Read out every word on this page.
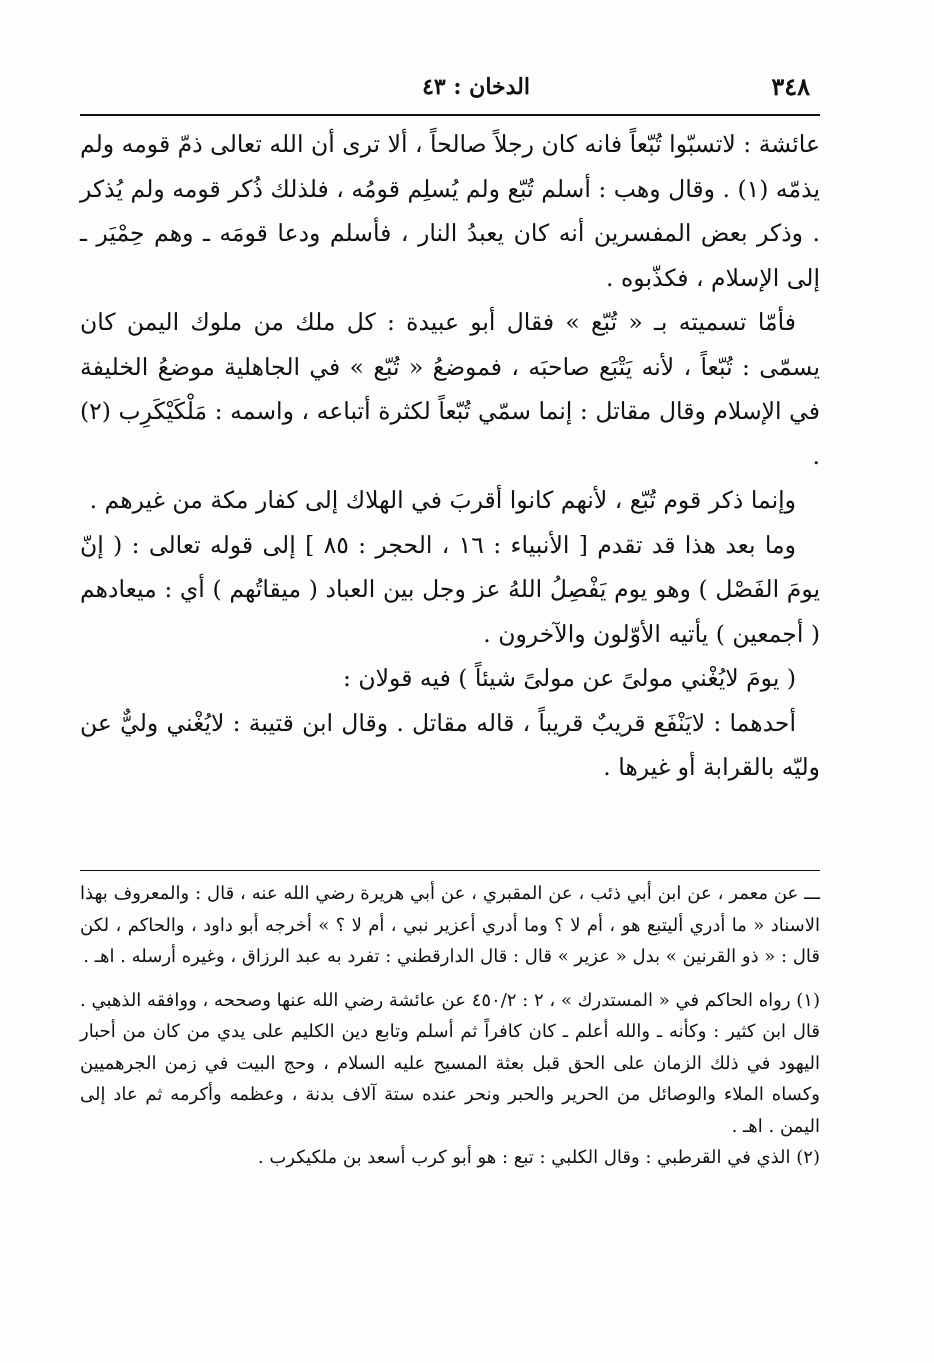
٣٤٨
الدخان : ٤٣

عائشة : لاتسبّوا تُبّعاً فانه كان رجلاً صالحاً ، ألا ترى أن الله تعالى ذمّ قومه ولم يذمّه (١) . وقال وهب : أسلم تُبّع ولم يُسلِم قومُه ، فلذلك ذُكر قومه ولم يُذكر . وذكر بعض المفسرين أنه كان يعبدُ النار ، فأسلم ودعا قومَه ـ وهم حِمْيَر ـ إلى الإسلام ، فكذّبوه .

فأمّا تسميته بـ « تُبّع » فقال أبو عبيدة : كل ملك من ملوك اليمن كان يسمّى : تُبّعاً ، لأنه يَتْبَع صاحبَه ، فموضعُ « تُبّع » في الجاهلية موضعُ الخليفة في الإسلام وقال مقاتل : إنما سمّي تُبّعاً لكثرة أتباعه ، واسمه : مَلْكَيْكَرِب (٢) .

وإنما ذكر قوم تُبّع ، لأنهم كانوا أقربَ في الهلاك إلى كفار مكة من غيرهم .

وما بعد هذا قد تقدم [ الأنبياء : ١٦ ، الحجر : ٨٥ ] إلى قوله تعالى : ( إنّ يومَ الفَصْل ) وهو يوم يَفْصِلُ اللهُ عز وجل بين العباد ( ميقاتُهم ) أي : ميعادهم ( أجمعين ) يأتيه الأوّلون والآخرون .

( يومَ لايُغْني مولىً عن مولىً شيئاً ) فيه قولان :

أحدهما : لايَنْفَع قريبٌ قريباً ، قاله مقاتل . وقال ابن قتيبة : لايُغْني وليٌّ عن وليّه بالقرابة أو غيرها .

ـــ عن معمر ، عن ابن أبي ذئب ، عن المقبري ، عن أبي هريرة رضي الله عنه ، قال : والمعروف بهذا الاسناد « ما أدري أليتبع هو ، أم لا ؟ وما أدري أعزير نبي ، أم لا ؟ » أخرجه أبو داود ، والحاكم ، لكن قال : « ذو القرنين » بدل « عزير » قال : قال الدارقطني : تفرد به عبد الرزاق ، وغيره أرسله . اهـ .

(١) رواه الحاكم في « المستدرك » ، ٢ : ٤٥٠/٢ عن عائشة رضي الله عنها وصححه ، ووافقه الذهبي . قال ابن كثير : وكأنه ـ والله أعلم ـ كان كافراً ثم أسلم وتابع دين الكليم على يدي من كان من أحبار اليهود في ذلك الزمان على الحق قبل بعثة المسيح عليه السلام ، وحج البيت في زمن الجرهميين وكساه الملاء والوصائل من الحرير والحبر ونحر عنده ستة آلاف بدنة ، وعظمه وأكرمه ثم عاد إلى اليمن . اهـ .

(٢) الذي في القرطبي : وقال الكلبي : تبع : هو أبو كرب أسعد بن ملكيكرب .
